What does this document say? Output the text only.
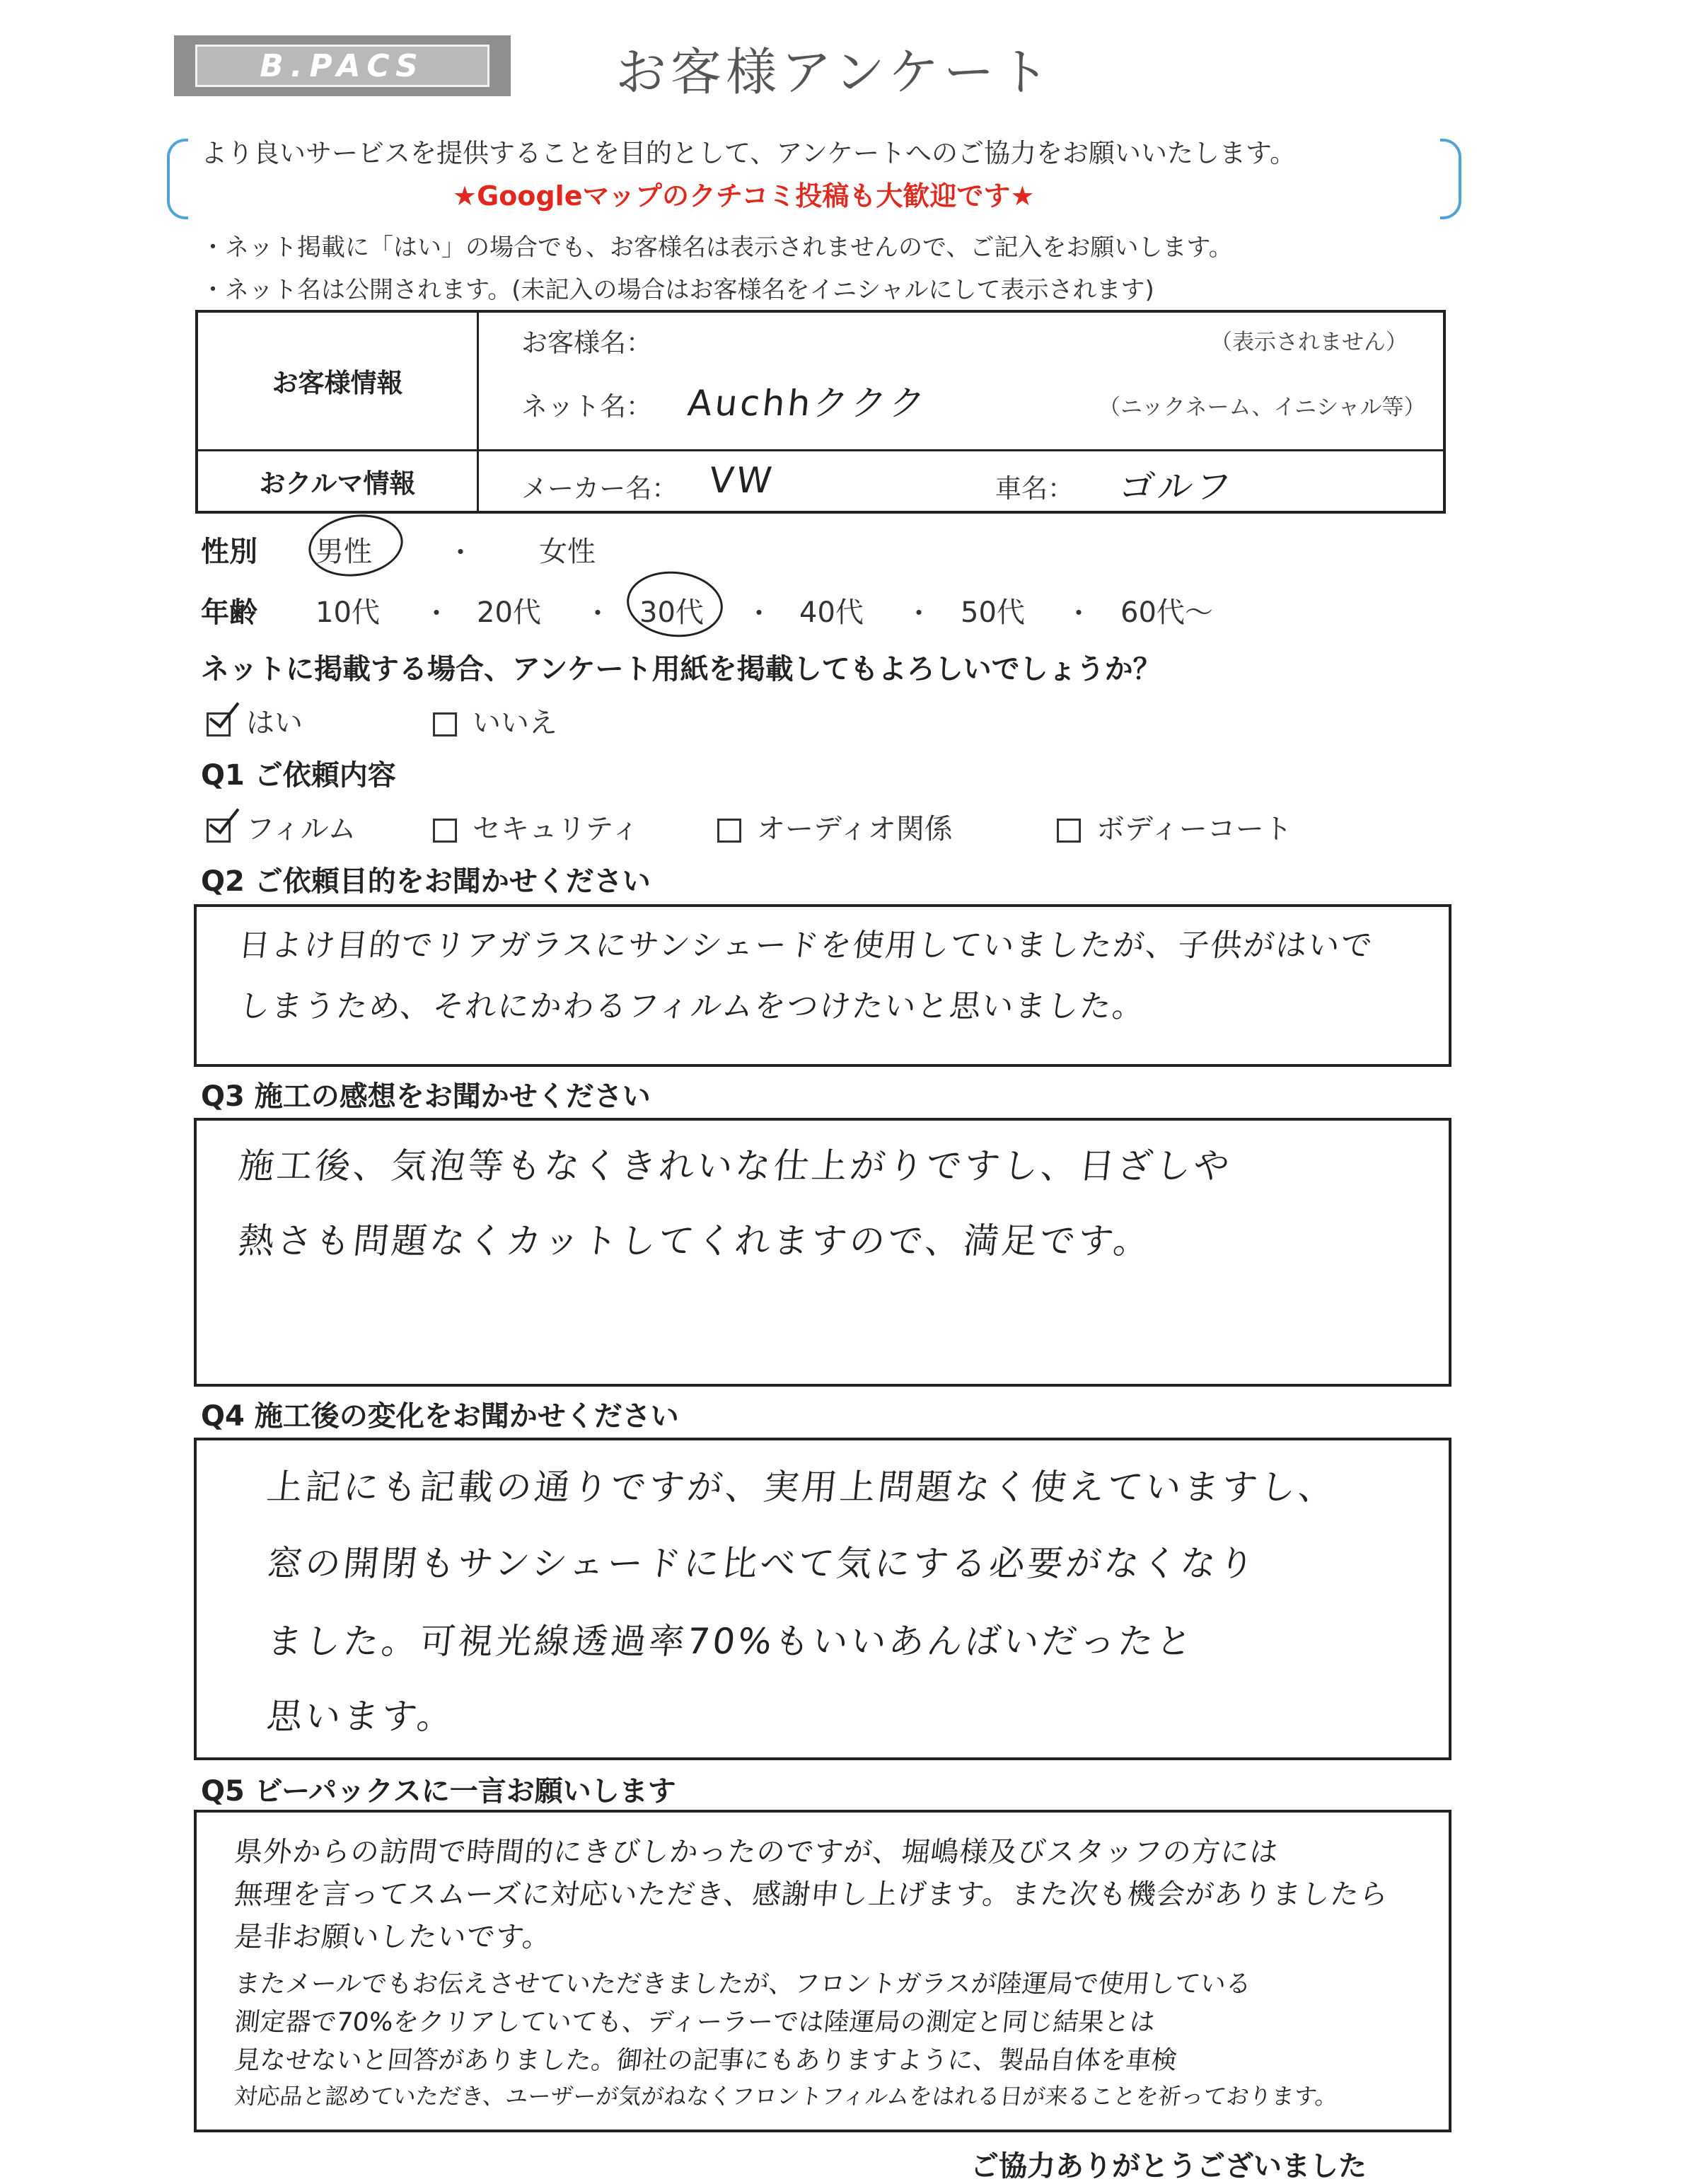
B.PACS	お客様アンケート
より良いサービスを提供することを目的として、アンケートへのご協力をお願いいたします。
★Googleマップのクチコミ投稿も大歓迎です★
・ネット掲載に「はい」の場合でも、お客様名は表示されませんので、ご記入をお願いします。
・ネット名は公開されます。(未記入の場合はお客様名をイニシャルにして表示されます)
お客様情報	お客様名： （表示されません）
ネット名： Auchhククク （ニックネーム、イニシャル等）

おクルマ情報	メーカー名： VW 車名： ゴルフ
性別 男性	・ 女性
年齢 10代 ・ 20代 ・ 30代 ・ 40代 ・ 50代 ・ 60代〜
ネットに掲載する場合、アンケート用紙を掲載してもよろしいでしょうか？
はい	いいえ
Q1 ご依頼内容
フィルム	セキュリティ	オーディオ関係	ボディーコート
Q2 ご依頼目的をお聞かせください
日よけ目的でリアガラスにサンシェードを使用していましたが、子供がはいで
しまうため、それにかわるフィルムをつけたいと思いました。
Q3 施工の感想をお聞かせください
施工後、気泡等もなくきれいな仕上がりですし、日ざしや
熱さも問題なくカットしてくれますので、満足です。
Q4 施工後の変化をお聞かせください
上記にも記載の通りですが、実用上問題なく使えていますし、
窓の開閉もサンシェードに比べて気にする必要がなくなり
ました。可視光線透過率70%もいいあんばいだったと
思います。
Q5 ビーパックスに一言お願いします
県外からの訪問で時間的にきびしかったのですが、堀嶋様及びスタッフの方には
無理を言ってスムーズに対応いただき、感謝申し上げます。また次も機会がありましたら
是非お願いしたいです。
またメールでもお伝えさせていただきましたが、フロントガラスが陸運局で使用している
測定器で70%をクリアしていても、ディーラーでは陸運局の測定と同じ結果とは
見なせないと回答がありました。御社の記事にもありますように、製品自体を車検
対応品と認めていただき、ユーザーが気がねなくフロントフィルムをはれる日が来ることを祈っております。
ご協力ありがとうございました
